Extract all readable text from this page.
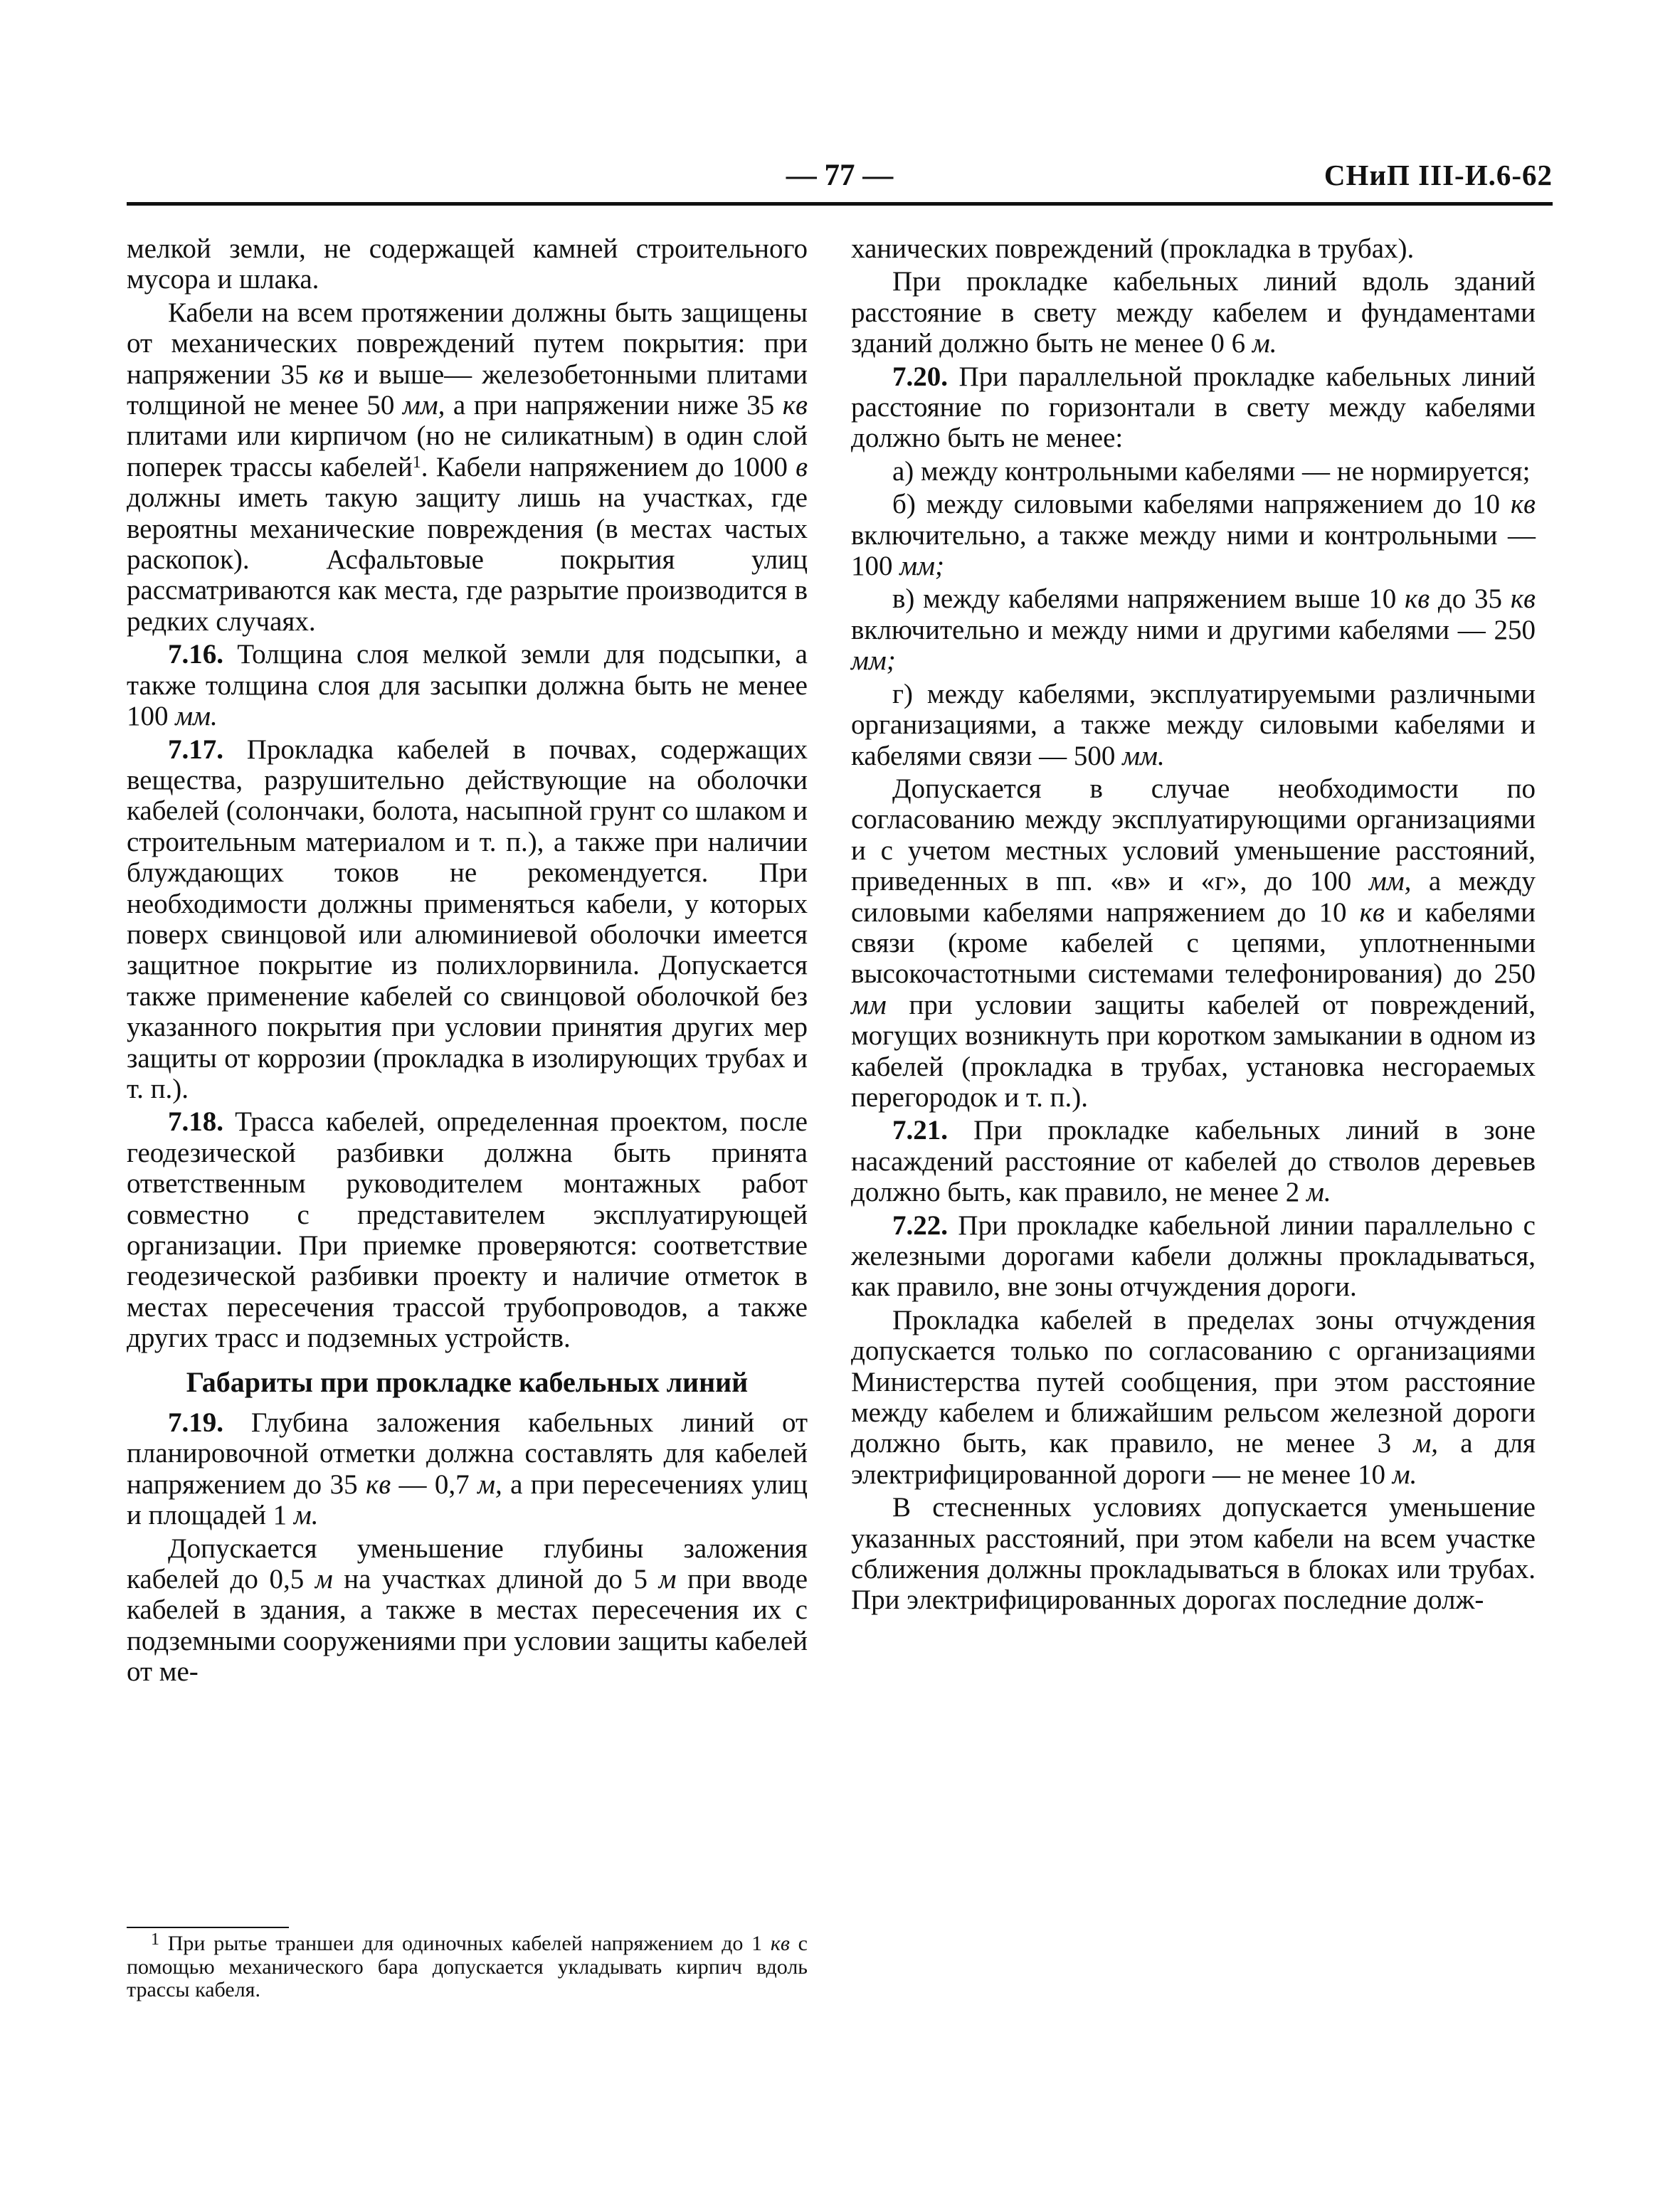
— 77 —	СНиП III-И.6-62

мелкой земли, не содержащей камней строительного мусора и шлака.

Кабели на всем протяжении должны быть защищены от механических повреждений путем покрытия: при напряжении 35 кв и выше— железобетонными плитами толщиной не менее 50 мм, а при напряжении ниже 35 кв плитами или кирпичом (но не силикатным) в один слой поперек трассы кабелей$^1$. Кабели напряжением до 1000 в должны иметь такую защиту лишь на участках, где вероятны механические повреждения (в местах частых раскопок). Асфальтовые покрытия улиц рассматриваются как места, где разрытие производится в редких случаях.

7.16. Толщина слоя мелкой земли для подсыпки, а также толщина слоя для засыпки должна быть не менее 100 мм.

7.17. Прокладка кабелей в почвах, содержащих вещества, разрушительно действующие на оболочки кабелей (солончаки, болота, насыпной грунт со шлаком и строительным материалом и т. п.), а также при наличии блуждающих токов не рекомендуется. При необходимости должны применяться кабели, у которых поверх свинцовой или алюминиевой оболочки имеется защитное покрытие из полихлорвинила. Допускается также применение кабелей со свинцовой оболочкой без указанного покрытия при условии принятия других мер защиты от коррозии (прокладка в изолирующих трубах и т. п.).

7.18. Трасса кабелей, определенная проектом, после геодезической разбивки должна быть принята ответственным руководителем монтажных работ совместно с представителем эксплуатирующей организации. При приемке проверяются: соответствие геодезической разбивки проекту и наличие отметок в местах пересечения трассой трубопроводов, а также других трасс и подземных устройств.

Габариты при прокладке кабельных линий

7.19. Глубина заложения кабельных линий от планировочной отметки должна составлять для кабелей напряжением до 35 кв — 0,7 м, а при пересечениях улиц и площадей 1 м.

Допускается уменьшение глубины заложения кабелей до 0,5 м на участках длиной до 5 м при вводе кабелей в здания, а также в местах пересечения их с подземными сооружениями при условии защиты кабелей от ме-

$^1$ При рытье траншеи для одиночных кабелей напряжением до 1 кв с помощью механического бара допускается укладывать кирпич вдоль трассы кабеля.

ханических повреждений (прокладка в трубах).

При прокладке кабельных линий вдоль зданий расстояние в свету между кабелем и фундаментами зданий должно быть не менее 0 6 м.

7.20. При параллельной прокладке кабельных линий расстояние по горизонтали в свету между кабелями должно быть не менее:

а) между контрольными кабелями — не нормируется;

б) между силовыми кабелями напряжением до 10 кв включительно, а также между ними и контрольными — 100 мм;

в) между кабелями напряжением выше 10 кв до 35 кв включительно и между ними и другими кабелями — 250 мм;

г) между кабелями, эксплуатируемыми различными организациями, а также между силовыми кабелями и кабелями связи — 500 мм.

Допускается в случае необходимости по согласованию между эксплуатирующими организациями и с учетом местных условий уменьшение расстояний, приведенных в пп. «в» и «г», до 100 мм, а между силовыми кабелями напряжением до 10 кв и кабелями связи (кроме кабелей с цепями, уплотненными высокочастотными системами телефонирования) до 250 мм при условии защиты кабелей от повреждений, могущих возникнуть при коротком замыкании в одном из кабелей (прокладка в трубах, установка несгораемых перегородок и т. п.).

7.21. При прокладке кабельных линий в зоне насаждений расстояние от кабелей до стволов деревьев должно быть, как правило, не менее 2 м.

7.22. При прокладке кабельной линии параллельно с железными дорогами кабели должны прокладываться, как правило, вне зоны отчуждения дороги.

Прокладка кабелей в пределах зоны отчуждения допускается только по согласованию с организациями Министерства путей сообщения, при этом расстояние между кабелем и ближайшим рельсом железной дороги должно быть, как правило, не менее 3 м, а для электрифицированной дороги — не менее 10 м.

В стесненных условиях допускается уменьшение указанных расстояний, при этом кабели на всем участке сближения должны прокладываться в блоках или трубах. При электрифицированных дорогах последние долж-
